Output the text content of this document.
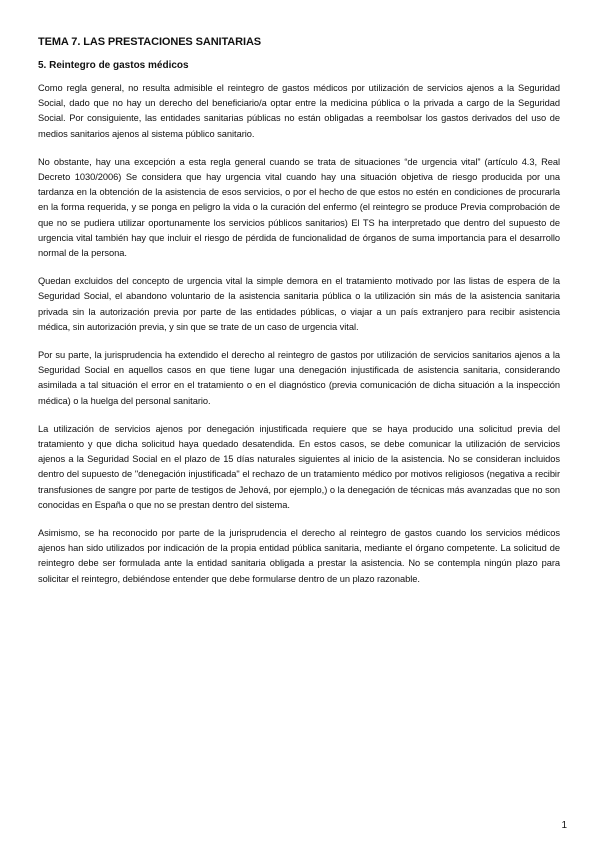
TEMA 7. LAS PRESTACIONES SANITARIAS
5. Reintegro de gastos médicos

Como regla general, no resulta admisible el reintegro de gastos médicos por utilización de servicios ajenos a la Seguridad Social, dado que no hay un derecho del beneficiario/a optar entre la medicina pública o la privada a cargo de la Seguridad Social. Por consiguiente, las entidades sanitarias públicas no están obligadas a reembolsar los gastos derivados del uso de medios sanitarios ajenos al sistema público sanitario.

No obstante, hay una excepción a esta regla general cuando se trata de situaciones “de urgencia vital” (artículo 4.3, Real Decreto 1030/2006) Se considera que hay urgencia vital cuando hay una situación objetiva de riesgo producida por una tardanza en la obtención de la asistencia de esos servicios, o por el hecho de que estos no estén en condiciones de procurarla en la forma requerida, y se ponga en peligro la vida o la curación del enfermo (el reintegro se produce Previa comprobación de que no se pudiera utilizar oportunamente los servicios públicos sanitarios) El TS ha interpretado que dentro del supuesto de urgencia vital también hay que incluir el riesgo de pérdida de funcionalidad de órganos de suma importancia para el desarrollo normal de la persona.

Quedan excluidos del concepto de urgencia vital la simple demora en el tratamiento motivado por las listas de espera de la Seguridad Social, el abandono voluntario de la asistencia sanitaria pública o la utilización sin más de la asistencia sanitaria privada sin la autorización previa por parte de las entidades públicas, o viajar a un país extranjero para recibir asistencia médica, sin autorización previa, y sin que se trate de un caso de urgencia vital.

Por su parte, la jurisprudencia ha extendido el derecho al reintegro de gastos por utilización de servicios sanitarios ajenos a la Seguridad Social en aquellos casos en que tiene lugar una denegación injustificada de asistencia sanitaria, considerando asimilada a tal situación el error en el tratamiento o en el diagnóstico (previa comunicación de dicha situación a la inspección médica) o la huelga del personal sanitario.

La utilización de servicios ajenos por denegación injustificada requiere que se haya producido una solicitud previa del tratamiento y que dicha solicitud haya quedado desatendida. En estos casos, se debe comunicar la utilización de servicios ajenos a la Seguridad Social en el plazo de 15 días naturales siguientes al inicio de la asistencia. No se consideran incluidos dentro del supuesto de "denegación injustificada" el rechazo de un tratamiento médico por motivos religiosos (negativa a recibir transfusiones de sangre por parte de testigos de Jehová, por ejemplo,) o la denegación de técnicas más avanzadas que no son conocidas en España o que no se prestan dentro del sistema.

Asimismo, se ha reconocido por parte de la jurisprudencia el derecho al reintegro de gastos cuando los servicios médicos ajenos han sido utilizados por indicación de la propia entidad pública sanitaria, mediante el órgano competente. La solicitud de reintegro debe ser formulada ante la entidad sanitaria obligada a prestar la asistencia. No se contempla ningún plazo para solicitar el reintegro, debiéndose entender que debe formularse dentro de un plazo razonable.

1
